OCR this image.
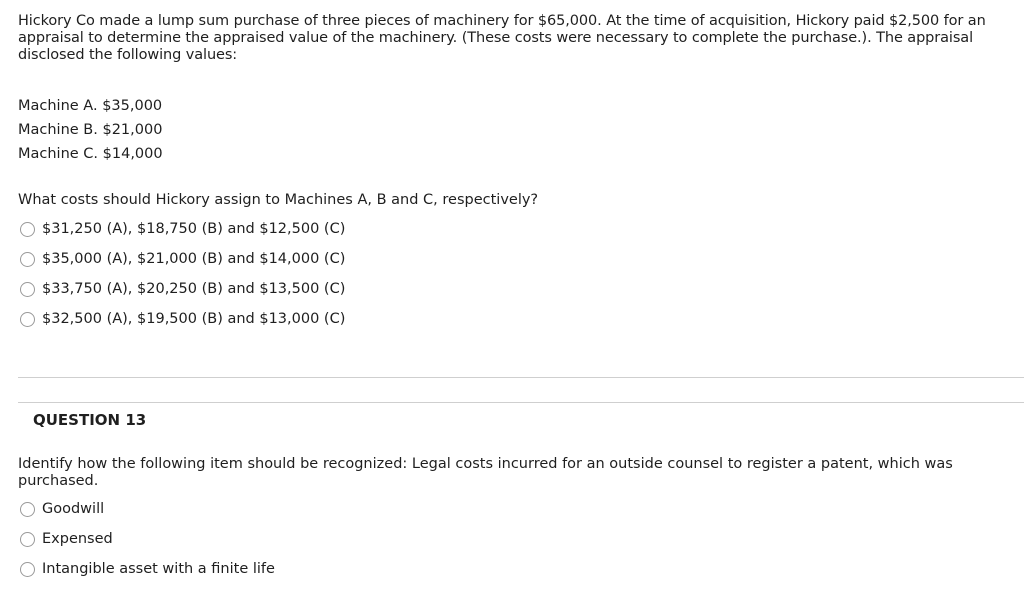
Hickory Co made a lump sum purchase of three pieces of machinery for $65,000. At the time of acquisition, Hickory paid $2,500 for an appraisal to determine the appraised value of the machinery. (These costs were necessary to complete the purchase.). The appraisal disclosed the following values:
Machine A. $35,000
Machine B. $21,000
Machine C. $14,000
What costs should Hickory assign to Machines A, B and C, respectively?
$31,250 (A), $18,750 (B) and $12,500 (C)
$35,000 (A), $21,000 (B) and $14,000 (C)
$33,750 (A), $20,250 (B) and $13,500 (C)
$32,500 (A), $19,500 (B) and $13,000 (C)
QUESTION 13
Identify how the following item should be recognized: Legal costs incurred for an outside counsel to register a patent, which was purchased.
Goodwill
Expensed
Intangible asset with a finite life
